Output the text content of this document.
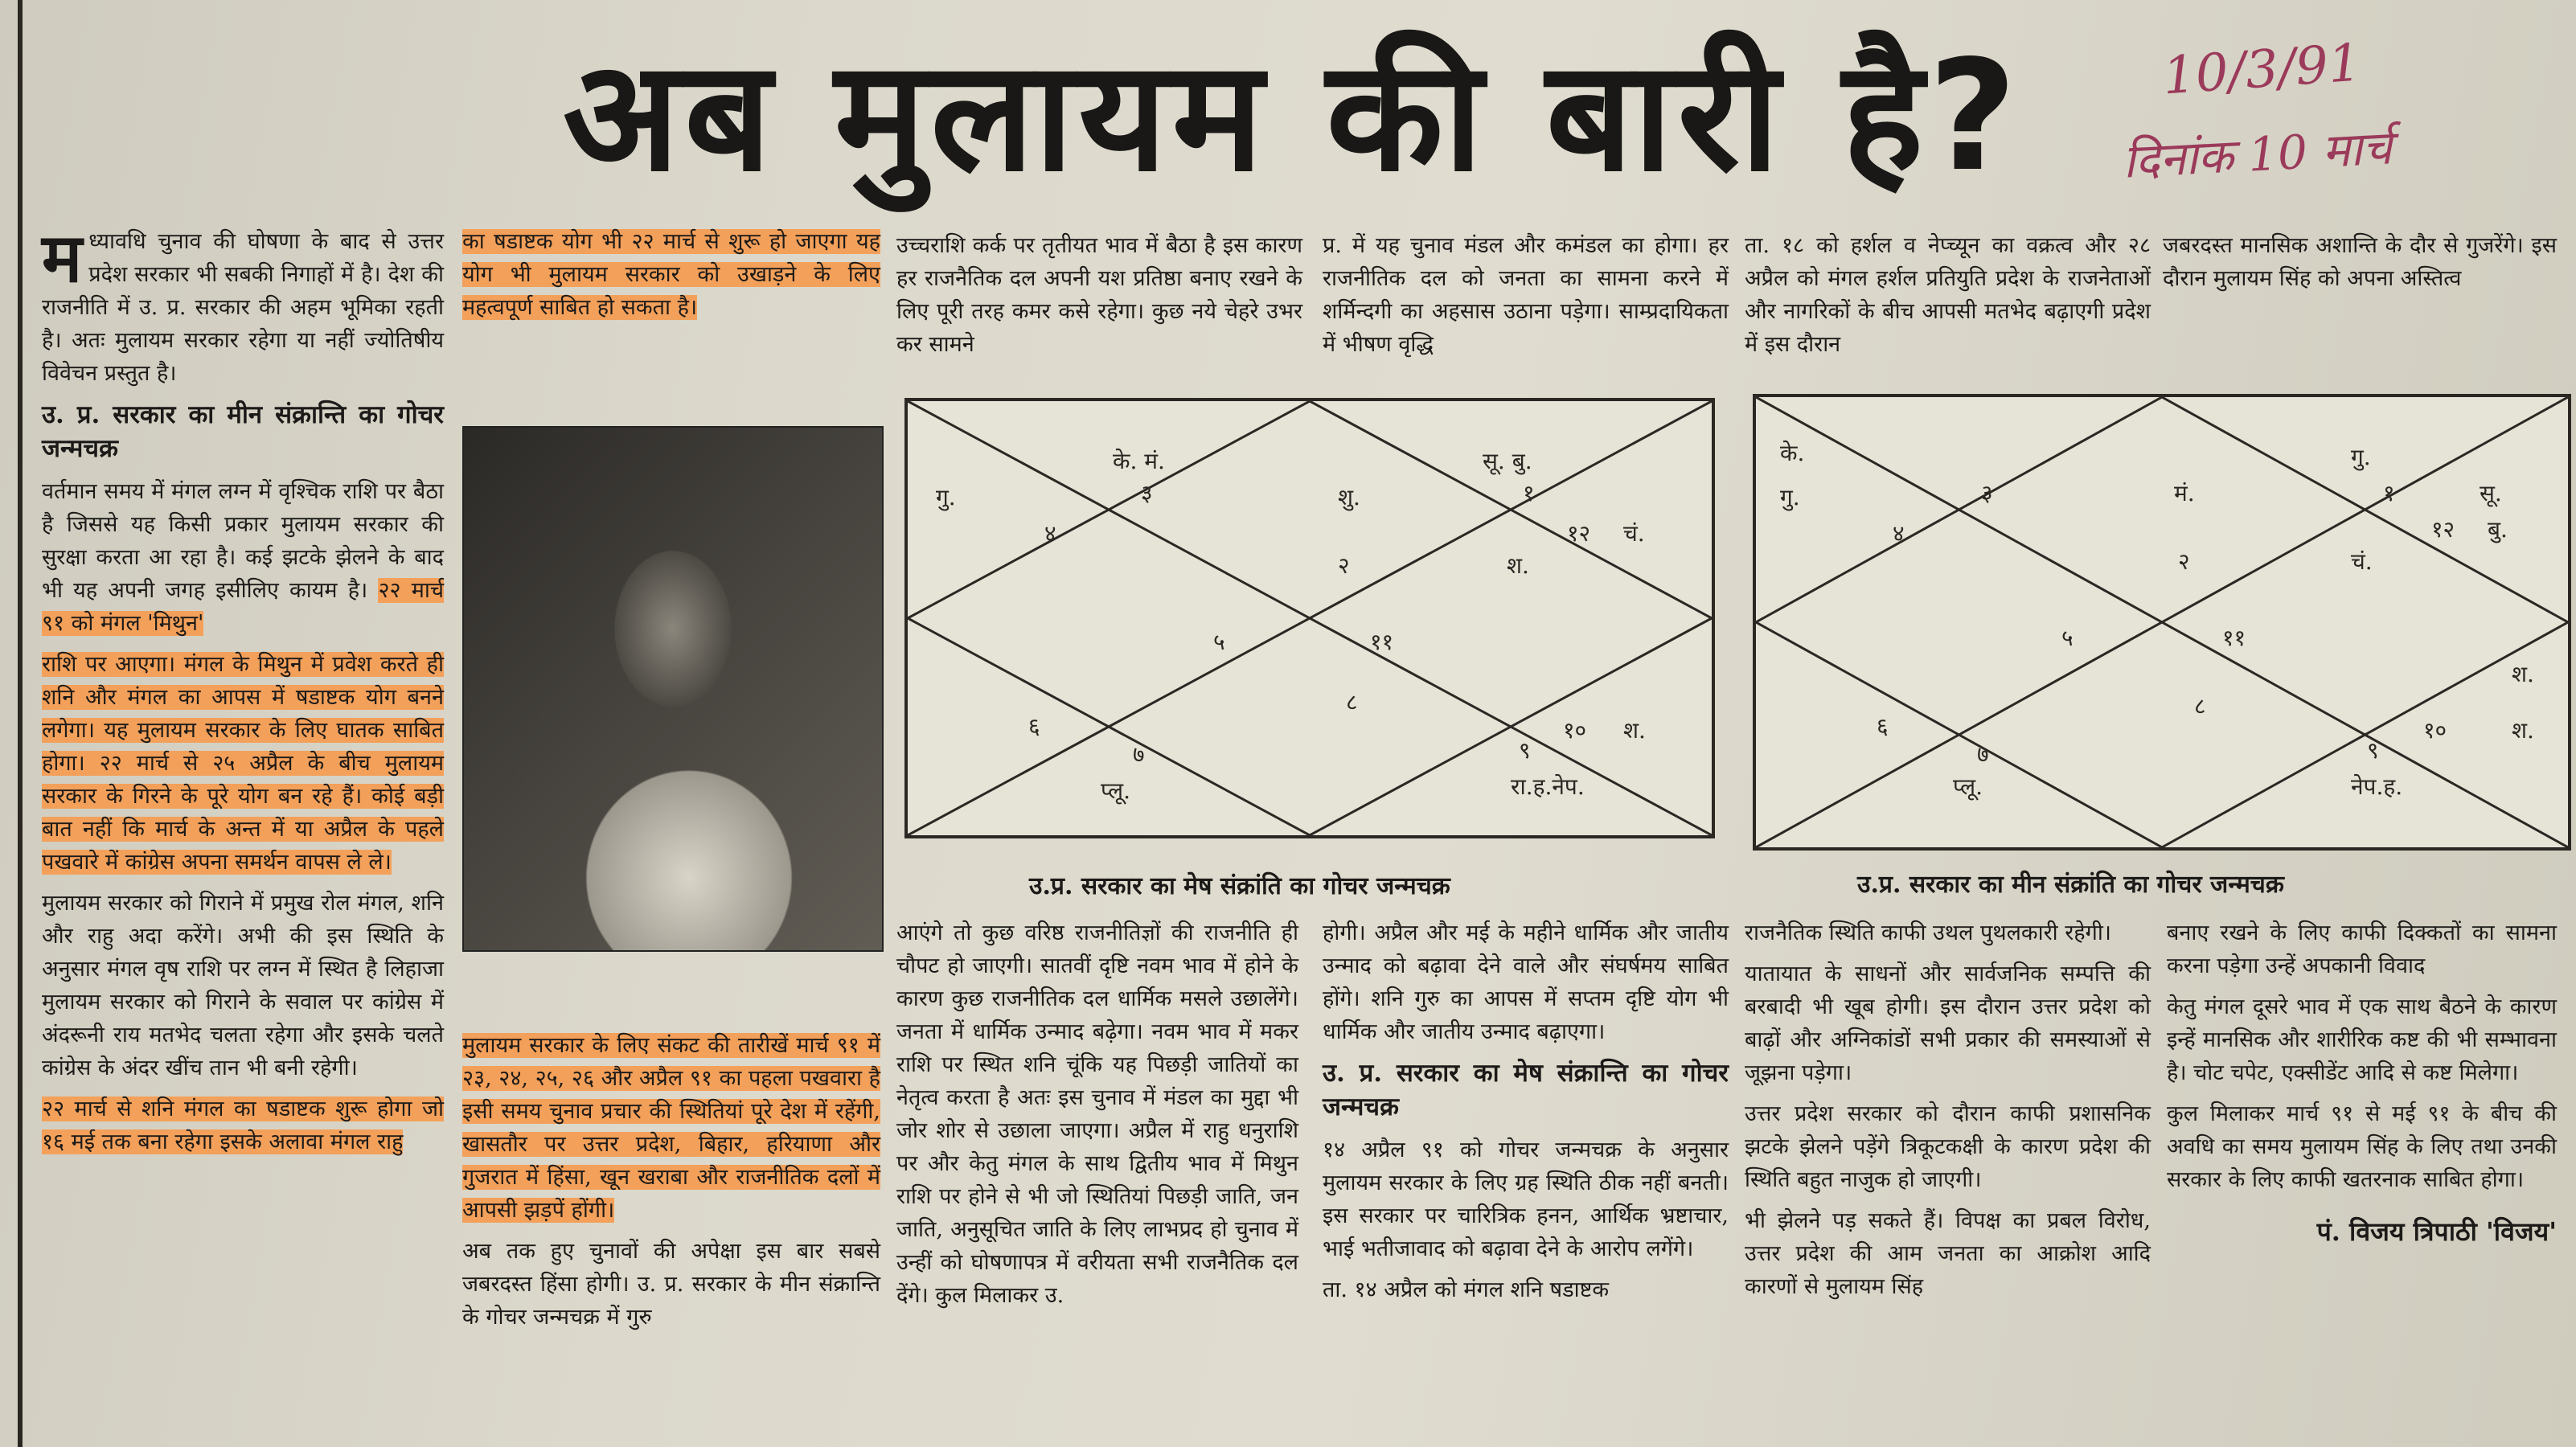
अब मुलायम की बारी है?	10/3/91
दिनांक 10 मार्च

मध्यावधि चुनाव की घोषणा के बाद से उत्तर प्रदेश सरकार भी सबकी निगाहों में है। देश की राजनीति में उ. प्र. सरकार की अहम भूमिका रहती है। अतः मुलायम सरकार रहेगा या नहीं ज्योतिषीय विवेचन प्रस्तुत है।

उ. प्र. सरकार का मीन संक्रान्ति का गोचर जन्मचक्र

वर्तमान समय में मंगल लग्न में वृश्चिक राशि पर बैठा है जिससे यह किसी प्रकार मुलायम सरकार की सुरक्षा करता आ रहा है। कई झटके झेलने के बाद भी यह अपनी जगह इसीलिए कायम है। २२ मार्च ९१ को मंगल 'मिथुन'

राशि पर आएगा। मंगल के मिथुन में प्रवेश करते ही शनि और मंगल का आपस में षडाष्टक योग बनने लगेगा। यह मुलायम सरकार के लिए घातक साबित होगा। २२ मार्च से २५ अप्रैल के बीच मुलायम सरकार के गिरने के पूरे योग बन रहे हैं। कोई बड़ी बात नहीं कि मार्च के अन्त में या अप्रैल के पहले पखवारे में कांग्रेस अपना समर्थन वापस ले ले।

मुलायम सरकार को गिराने में प्रमुख रोल मंगल, शनि और राहु अदा करेंगे। अभी की इस स्थिति के अनुसार मंगल वृष राशि पर लग्न में स्थित है लिहाजा मुलायम सरकार को गिराने के सवाल पर कांग्रेस में अंदरूनी राय मतभेद चलता रहेगा और इसके चलते कांग्रेस के अंदर खींच तान भी बनी रहेगी।

२२ मार्च से शनि मंगल का षडाष्टक शुरू होगा जो १६ मई तक बना रहेगा इसके अलावा मंगल राहु

का षडाष्टक योग भी २२ मार्च से शुरू हो जाएगा यह योग भी मुलायम सरकार को उखाड़ने के लिए महत्वपूर्ण साबित हो सकता है।

मुलायम सरकार के लिए संकट की तारीखें मार्च ९१ में २३, २४, २५, २६ और अप्रैल ९१ का पहला पखवारा है इसी समय चुनाव प्रचार की स्थितियां पूरे देश में रहेंगी, खासतौर पर उत्तर प्रदेश, बिहार, हरियाणा और गुजरात में हिंसा, खून खराबा और राजनीतिक दलों में आपसी झड़पें होंगी।

अब तक हुए चुनावों की अपेक्षा इस बार सबसे जबरदस्त हिंसा होगी। उ. प्र. सरकार के मीन संक्रान्ति के गोचर जन्मचक्र में गुरु

उच्चराशि कर्क पर तृतीयत भाव में बैठा है इस कारण हर राजनैतिक दल अपनी यश प्रतिष्ठा बनाए रखने के लिए पूरी तरह कमर कसे रहेगा। कुछ नये चेहरे उभर कर सामने
प्र. में यह चुनाव मंडल और कमंडल का होगा। हर राजनीतिक दल को जनता का सामना करने में शर्मिन्दगी का अहसास उठाना पड़ेगा। साम्प्रदायिकता में भीषण वृद्धि
ता. १८ को हर्शल व नेप्च्यून का वक्रत्व और २८ अप्रैल को मंगल हर्शल प्रतियुति प्रदेश के राजनेताओं और नागरिकों के बीच आपसी मतभेद बढ़ाएगी प्रदेश में इस दौरान
जबरदस्त मानसिक अशान्ति के दौर से गुजरेंगे। इस दौरान मुलायम सिंह को अपना अस्तित्व
गु.
के. मं.
३
४
शु.
सू. बु.
१
१२ चं.
२	श.
५	११
८
६
७
प्लू.
९
रा.ह.नेप.
१० श.
उ.प्र. सरकार का मेष संक्रांति का गोचर जन्मचक्र
के.
गु.	३
४
मं.
गु.
१	सू.
१२ बु.
२	चं.
५	११
८
६
७
प्लू.
९
नेप.ह.
१०	श.
श.
उ.प्र. सरकार का मीन संक्रांति का गोचर जन्मचक्र

आएंगे तो कुछ वरिष्ठ राजनीतिज्ञों की राजनीति ही चौपट हो जाएगी। सातवीं दृष्टि नवम भाव में होने के कारण कुछ राजनीतिक दल धार्मिक मसले उछालेंगे। जनता में धार्मिक उन्माद बढ़ेगा। नवम भाव में मकर राशि पर स्थित शनि चूंकि यह पिछड़ी जातियों का नेतृत्व करता है अतः इस चुनाव में मंडल का मुद्दा भी जोर शोर से उछाला जाएगा। अप्रैल में राहु धनुराशि पर और केतु मंगल के साथ द्वितीय भाव में मिथुन राशि पर होने से भी जो स्थितियां पिछड़ी जाति, जन जाति, अनुसूचित जाति के लिए लाभप्रद हो चुनाव में उन्हीं को घोषणापत्र में वरीयता सभी राजनैतिक दल देंगे। कुल मिलाकर उ.

होगी। अप्रैल और मई के महीने धार्मिक और जातीय उन्माद को बढ़ावा देने वाले और संघर्षमय साबित होंगे। शनि गुरु का आपस में सप्तम दृष्टि योग भी धार्मिक और जातीय उन्माद बढ़ाएगा।

उ. प्र. सरकार का मेष संक्रान्ति का गोचर जन्मचक्र

१४ अप्रैल ९१ को गोचर जन्मचक्र के अनुसार मुलायम सरकार के लिए ग्रह स्थिति ठीक नहीं बनती। इस सरकार पर चारित्रिक हनन, आर्थिक भ्रष्टाचार, भाई भतीजावाद को बढ़ावा देने के आरोप लगेंगे।

ता. १४ अप्रैल को मंगल शनि षडाष्टक

राजनैतिक स्थिति काफी उथल पुथलकारी रहेगी।

यातायात के साधनों और सार्वजनिक सम्पत्ति की बरबादी भी खूब होगी। इस दौरान उत्तर प्रदेश को बाढ़ों और अग्निकांडों सभी प्रकार की समस्याओं से जूझना पड़ेगा।

उत्तर प्रदेश सरकार को दौरान काफी प्रशासनिक झटके झेलने पड़ेंगे त्रिकूटकक्षी के कारण प्रदेश की स्थिति बहुत नाजुक हो जाएगी।

भी झेलने पड़ सकते हैं। विपक्ष का प्रबल विरोध, उत्तर प्रदेश की आम जनता का आक्रोश आदि कारणों से मुलायम सिंह

बनाए रखने के लिए काफी दिक्कतों का सामना करना पड़ेगा उन्हें अपकानी विवाद

केतु मंगल दूसरे भाव में एक साथ बैठने के कारण इन्हें मानसिक और शारीरिक कष्ट की भी सम्भावना है। चोट चपेट, एक्सीडेंट आदि से कष्ट मिलेगा।

कुल मिलाकर मार्च ९१ से मई ९१ के बीच की अवधि का समय मुलायम सिंह के लिए तथा उनकी सरकार के लिए काफी खतरनाक साबित होगा।

पं. विजय त्रिपाठी 'विजय'
